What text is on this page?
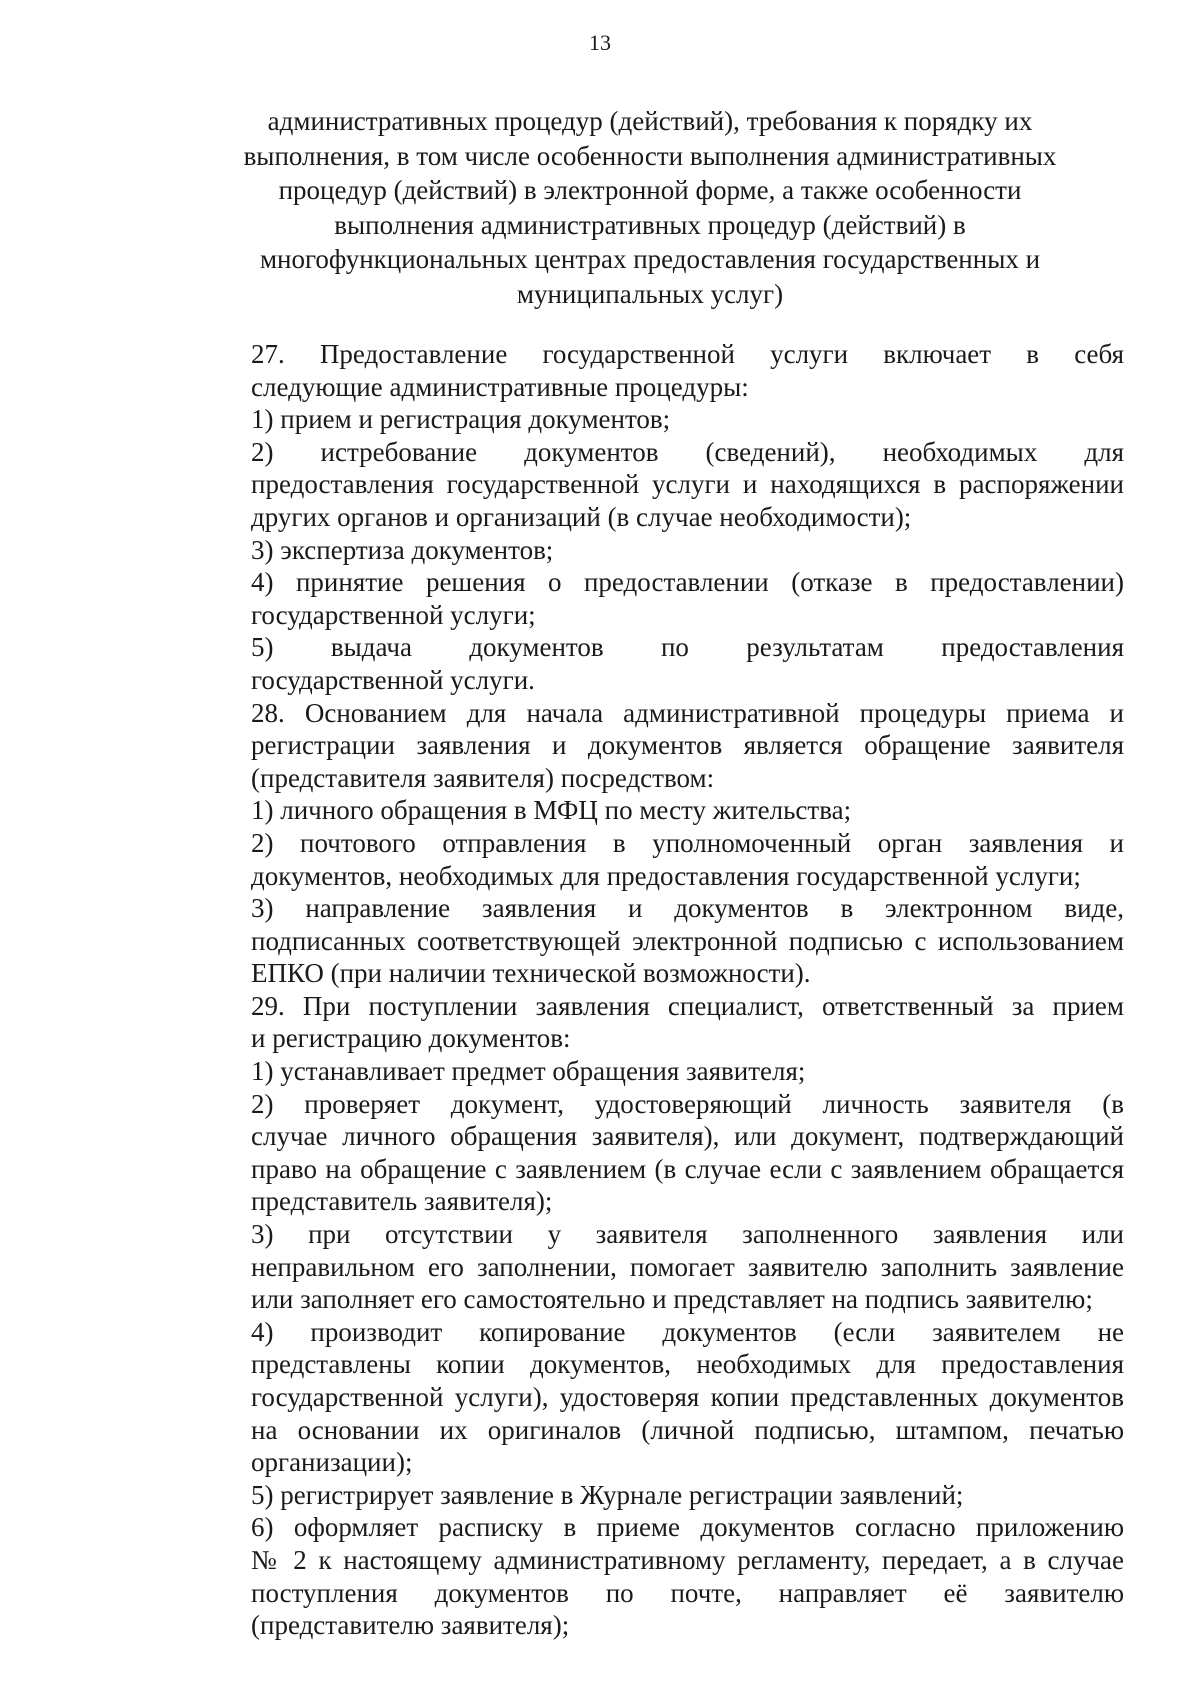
13
административных процедур (действий), требования к порядку их
выполнения, в том числе особенности выполнения административных
процедур (действий) в электронной форме, а также особенности
выполнения административных процедур (действий) в
многофункциональных центрах предоставления государственных и
муниципальных услуг)
27. Предоставление государственной услуги включает в себя
следующие административные процедуры:
1) прием и регистрация документов;
2) истребование документов (сведений), необходимых для
предоставления государственной услуги и находящихся в распоряжении
других органов и организаций (в случае необходимости);
3) экспертиза документов;
4) принятие решения о предоставлении (отказе в предоставлении)
государственной услуги;
5) выдача документов по результатам предоставления
государственной услуги.
28. Основанием для начала административной процедуры приема и
регистрации заявления и документов является обращение заявителя
(представителя заявителя) посредством:
1) личного обращения в МФЦ по месту жительства;
2) почтового отправления в уполномоченный орган заявления и
документов, необходимых для предоставления государственной услуги;
3) направление заявления и документов в электронном виде,
подписанных соответствующей электронной подписью с использованием
ЕПКО (при наличии технической возможности).
29. При поступлении заявления специалист, ответственный за прием
и регистрацию документов:
1) устанавливает предмет обращения заявителя;
2) проверяет документ, удостоверяющий личность заявителя (в
случае личного обращения заявителя), или документ, подтверждающий
право на обращение с заявлением (в случае если с заявлением обращается
представитель заявителя);
3) при отсутствии у заявителя заполненного заявления или
неправильном его заполнении, помогает заявителю заполнить заявление
или заполняет его самостоятельно и представляет на подпись заявителю;
4) производит копирование документов (если заявителем не
представлены копии документов, необходимых для предоставления
государственной услуги), удостоверяя копии представленных документов
на основании их оригиналов (личной подписью, штампом, печатью
организации);
5) регистрирует заявление в Журнале регистрации заявлений;
6) оформляет расписку в приеме документов согласно приложению
№ 2 к настоящему административному регламенту, передает, а в случае
поступления документов по почте, направляет её заявителю
(представителю заявителя);
